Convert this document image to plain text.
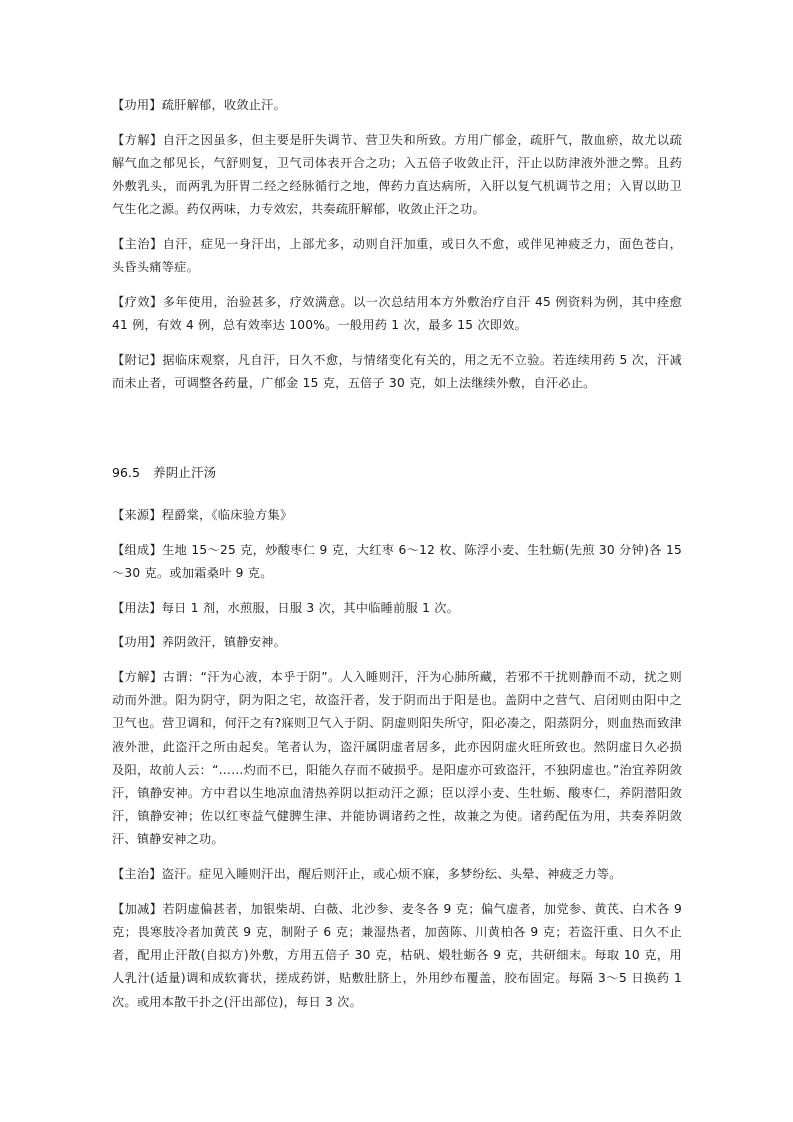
【功用】疏肝解郁，收敛止汗。

【方解】自汗之因虽多，但主要是肝失调节、营卫失和所致。方用广郁金，疏肝气，散血瘀，故尤以疏解气血之郁见长，气舒则复，卫气司体表开合之功；入五倍子收敛止汗，汗止以防津液外泄之弊。且药外敷乳头，而两乳为肝胃二经之经脉循行之地，俾药力直达病所，入肝以复气机调节之用；入胃以助卫气生化之源。药仅两味，力专效宏，共奏疏肝解郁，收敛止汗之功。

【主治】自汗，症见一身汗出，上部尤多，动则自汗加重，或日久不愈，或伴见神疲乏力，面色苍白，头昏头痛等症。

【疗效】多年使用，治验甚多，疗效满意。以一次总结用本方外敷治疗自汗 45 例资料为例，其中痊愈 41 例，有效 4 例，总有效率达 100%。一般用药 1 次，最多 15 次即效。

【附记】据临床观察，凡自汗，日久不愈，与情绪变化有关的，用之无不立验。若连续用药 5 次，汗减而未止者，可调整各药量，广郁金 15 克，五倍子 30 克，如上法继续外敷，自汗必止。

96.5 养阴止汗汤

【来源】程爵棠，《临床验方集》

【组成】生地 15～25 克，炒酸枣仁 9 克，大红枣 6～12 枚、陈浮小麦、生牡蛎(先煎 30 分钟)各 15～30 克。或加霜桑叶 9 克。

【用法】每日 1 剂，水煎服，日服 3 次，其中临睡前服 1 次。

【功用】养阴敛汗，镇静安神。

【方解】古谓：“汗为心液，本乎于阴”。人入睡则汗，汗为心肺所藏，若邪不干扰则静而不动，扰之则动而外泄。阳为阴守，阴为阳之宅，故盗汗者，发于阴而出于阳是也。盖阴中之营气、启闭则由阳中之卫气也。营卫调和，何汗之有?寐则卫气入于阴、阴虚则阳失所守，阳必凑之，阳蒸阴分，则血热而致津液外泄，此盗汗之所由起矣。笔者认为，盗汗属阴虚者居多，此亦因阴虚火旺所致也。然阴虚日久必损及阳，故前人云：“……灼而不已，阳能久存而不破损乎。是阳虚亦可致盗汗，不独阴虚也。”治宜养阴敛汗，镇静安神。方中君以生地凉血清热养阴以拒动汗之源；臣以浮小麦、生牡蛎、酸枣仁，养阴潜阳敛汗，镇静安神；佐以红枣益气健脾生津、并能协调诸药之性，故兼之为使。诸药配伍为用，共奏养阴敛汗、镇静安神之功。

【主治】盗汗。症见入睡则汗出，醒后则汗止，或心烦不寐，多梦纷纭、头晕、神疲乏力等。

【加减】若阴虚偏甚者，加银柴胡、白薇、北沙参、麦冬各 9 克；偏气虚者，加党参、黄芪、白术各 9 克；畏寒肢冷者加黄芪 9 克，制附子 6 克；兼湿热者，加茵陈、川黄柏各 9 克；若盗汗重、日久不止者，配用止汗散(自拟方)外敷，方用五倍子 30 克，枯矾、煅牡蛎各 9 克，共研细末。每取 10 克，用人乳汁(适量)调和成软膏状，搓成药饼，贴敷肚脐上，外用纱布覆盖，胶布固定。每隔 3～5 日换药 1 次。或用本散干扑之(汗出部位)，每日 3 次。
